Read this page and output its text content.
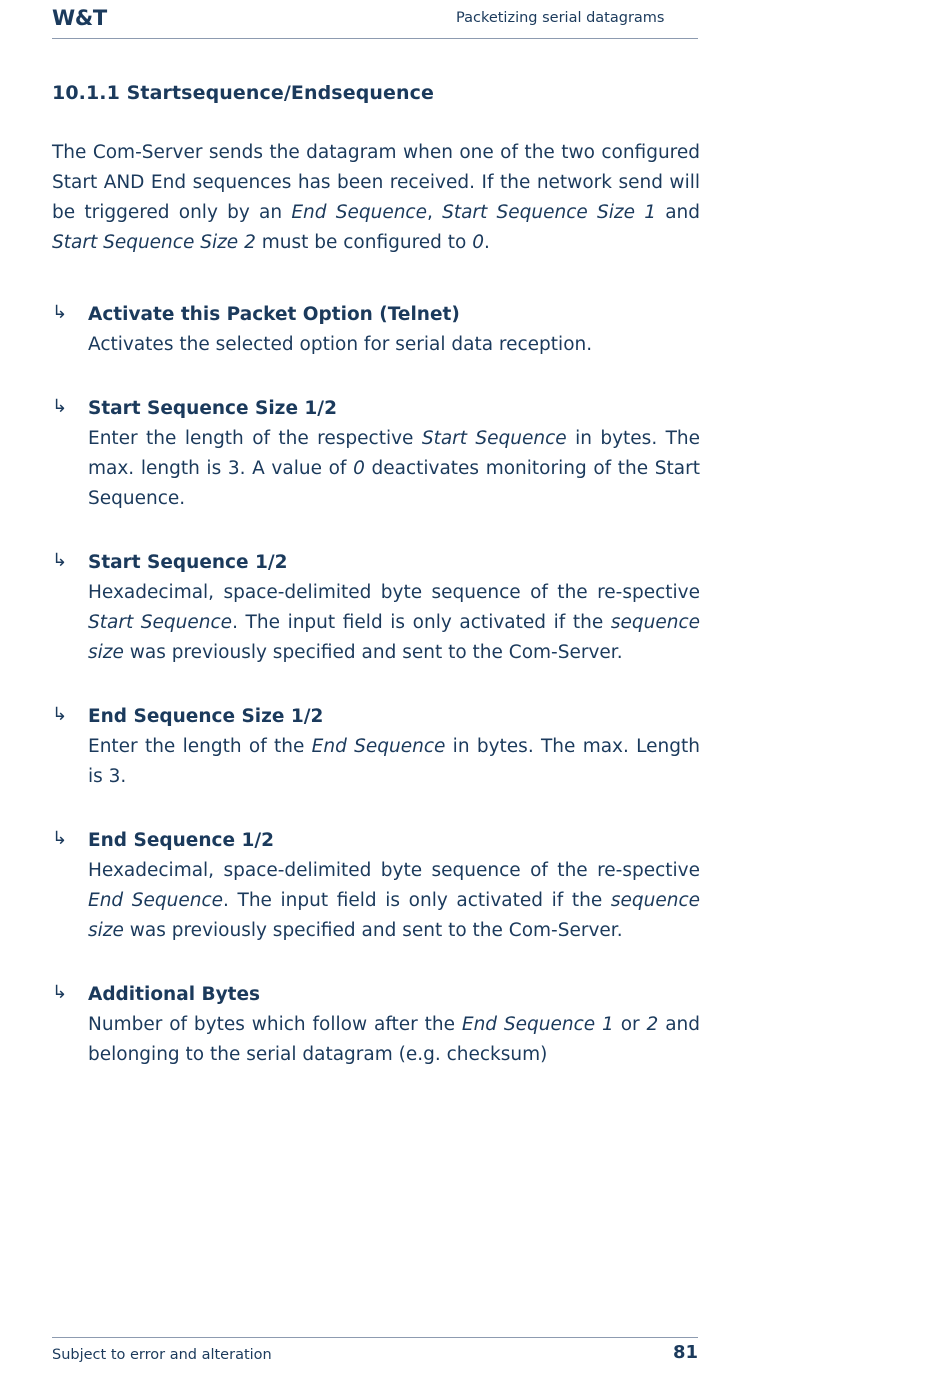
W&T	Packetizing serial datagrams
10.1.1 Startsequence/Endsequence

The Com-Server sends the datagram when one of the two configured Start AND End sequences has been received. If the network send will be triggered only by an End Sequence, Start Sequence Size 1 and Start Sequence Size 2 must be configured to 0.

↳ Activate this Packet Option (Telnet)
Activates the selected option for serial data reception.
↳ Start Sequence Size 1/2
Enter the length of the respective Start Sequence in bytes. The max. length is 3. A value of 0 deactivates monitoring of the Start Sequence.
↳ Start Sequence 1/2
Hexadecimal, space-delimited byte sequence of the re-spective Start Sequence. The input field is only activated if the sequence size was previously specified and sent to the Com-Server.
↳ End Sequence Size 1/2
Enter the length of the End Sequence in bytes. The max. Length is 3.
↳ End Sequence 1/2
Hexadecimal, space-delimited byte sequence of the re-spective End Sequence. The input field is only activated if the sequence size was previously specified and sent to the Com-Server.
↳ Additional Bytes
Number of bytes which follow after the End Sequence 1 or 2 and belonging to the serial datagram (e.g. checksum)
Subject to error and alteration	81
